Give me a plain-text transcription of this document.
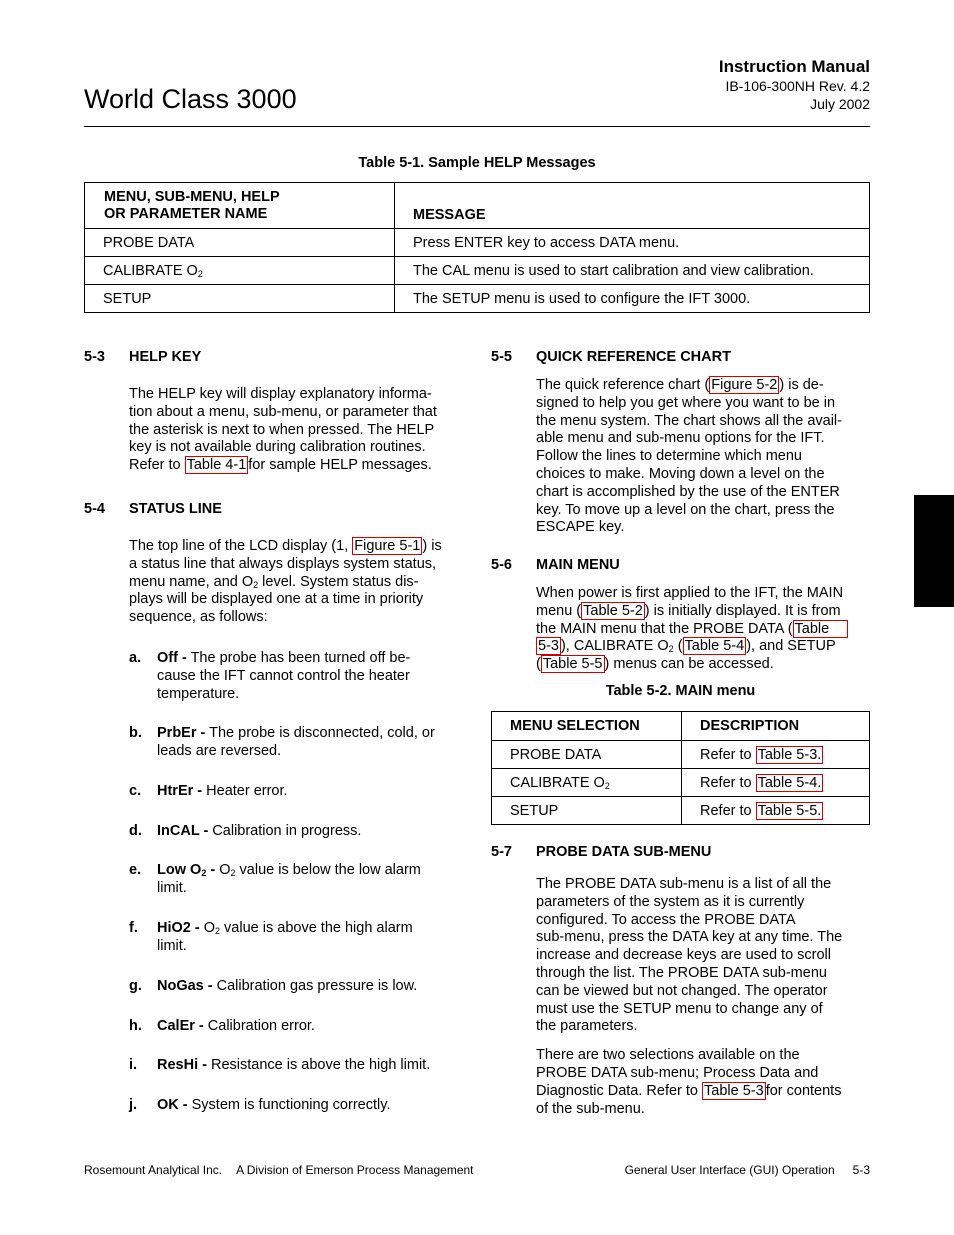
World Class 3000
Instruction Manual
IB-106-300NH Rev. 4.2
July 2002
Table 5-1. Sample HELP Messages
MENU, SUB-MENU, HELP
OR PARAMETER NAME	MESSAGE
PROBE DATA	Press ENTER key to access DATA menu.
CALIBRATE $O_2$	The CAL menu is used to start calibration and view calibration.
SETUP	The SETUP menu is used to configure the IFT 3000.
5-3 HELP KEY
The HELP key will display explanatory informa-
tion about a menu, sub-menu, or parameter that
the asterisk is next to when pressed. The HELP
key is not available during calibration routines.
Refer to Table 4-1 for sample HELP messages.
5-4 STATUS LINE
The top line of the LCD display (1, Figure 5-1 ) is
a status line that always displays system status,
menu name, and $O_2$ level. System status dis-
plays will be displayed one at a time in priority
sequence, as follows:
a. Off - The probe has been turned off be-
cause the IFT cannot control the heater
temperature.
b. PrbEr - The probe is disconnected, cold, or
leads are reversed.
c. HtrEr - Heater error.
d. InCAL - Calibration in progress.
e. Low $O_2 - O_2$ value is below the low alarm
limit.
f. $HiO2 - O_2$ value is above the high alarm
limit.
g. NoGas - Calibration gas pressure is low.
h. CalEr - Calibration error.
i. ResHi - Resistance is above the high limit.
j. OK - System is functioning correctly.
5-5 QUICK REFERENCE CHART
The quick reference chart ( Figure 5-2 ) is de-
signed to help you get where you want to be in
the menu system. The chart shows all the avail-
able menu and sub-menu options for the IFT.
Follow the lines to determine which menu
choices to make. Moving down a level on the
chart is accomplished by the use of the ENTER
key. To move up a level on the chart, press the
ESCAPE key.
5-6 MAIN MENU
When power is first applied to the IFT, the MAIN
menu ( Table 5-2 ) is initially displayed. It is from
the MAIN menu that the PROBE DATA ( Table
5-3 ), CALIBRATE $O_2$ ( Table 5-4 ), and SETUP
( Table 5-5 ) menus can be accessed.
Table 5-2. MAIN menu
MENU SELECTION	DESCRIPTION
PROBE DATA	Refer to Table 5-3.
CALIBRATE $O_2$	Refer to Table 5-4.
SETUP	Refer to Table 5-5.
5-7 PROBE DATA SUB-MENU
The PROBE DATA sub-menu is a list of all the
parameters of the system as it is currently
configured. To access the PROBE DATA
sub-menu, press the DATA key at any time. The
increase and decrease keys are used to scroll
through the list. The PROBE DATA sub-menu
can be viewed but not changed. The operator
must use the SETUP menu to change any of
the parameters.
There are two selections available on the
PROBE DATA sub-menu; Process Data and
Diagnostic Data. Refer to Table 5-3 for contents
of the sub-menu.
Rosemount Analytical Inc. A Division of Emerson Process Management	General User Interface (GUI) Operation 5-3
